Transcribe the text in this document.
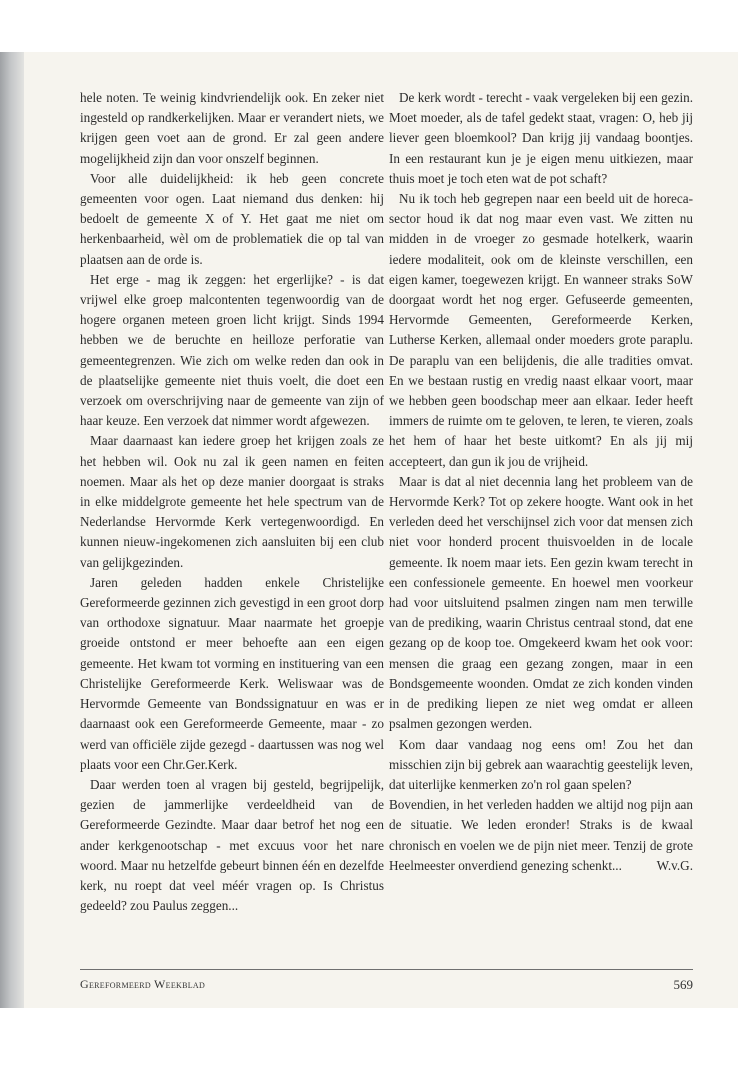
hele noten. Te weinig kindvriendelijk ook. En zeker niet ingesteld op randkerkelijken. Maar er verandert niets, we krijgen geen voet aan de grond. Er zal geen andere mogelijkheid zijn dan voor onszelf beginnen.

Voor alle duidelijkheid: ik heb geen concrete gemeenten voor ogen. Laat niemand dus denken: hij bedoelt de gemeente X of Y. Het gaat me niet om herkenbaarheid, wèl om de problematiek die op tal van plaatsen aan de orde is.

Het erge - mag ik zeggen: het ergerlijke? - is dat vrijwel elke groep malcontenten tegenwoordig van de hogere organen meteen groen licht krijgt. Sinds 1994 hebben we de beruchte en heilloze perforatie van gemeentegrenzen. Wie zich om welke reden dan ook in de plaatselijke gemeente niet thuis voelt, die doet een verzoek om overschrijving naar de gemeente van zijn of haar keuze. Een verzoek dat nimmer wordt afgewezen.

Maar daarnaast kan iedere groep het krijgen zoals ze het hebben wil. Ook nu zal ik geen namen en feiten noemen. Maar als het op deze manier doorgaat is straks in elke middelgrote gemeente het hele spectrum van de Nederlandse Hervormde Kerk vertegenwoordigd. En kunnen nieuw-ingekomenen zich aansluiten bij een club van gelijkgezinden.

Jaren geleden hadden enkele Christelijke Gereformeerde gezinnen zich gevestigd in een groot dorp van orthodoxe signatuur. Maar naarmate het groepje groeide ontstond er meer behoefte aan een eigen gemeente. Het kwam tot vorming en instituering van een Christelijke Gereformeerde Kerk. Weliswaar was de Hervormde Gemeente van Bondssignatuur en was er daarnaast ook een Gereformeerde Gemeente, maar - zo werd van officiële zijde gezegd - daartussen was nog wel plaats voor een Chr.Ger.Kerk.

Daar werden toen al vragen bij gesteld, begrijpelijk, gezien de jammerlijke verdeeldheid van de Gereformeerde Gezindte. Maar daar betrof het nog een ander kerkgenootschap - met excuus voor het nare woord. Maar nu hetzelfde gebeurt binnen één en dezelfde kerk, nu roept dat veel méér vragen op. Is Christus gedeeld? zou Paulus zeggen...

De kerk wordt - terecht - vaak vergeleken bij een gezin. Moet moeder, als de tafel gedekt staat, vragen: O, heb jij liever geen bloemkool? Dan krijg jij vandaag boontjes. In een restaurant kun je je eigen menu uitkiezen, maar thuis moet je toch eten wat de pot schaft?

Nu ik toch heb gegrepen naar een beeld uit de horeca-sector houd ik dat nog maar even vast. We zitten nu midden in de vroeger zo gesmade hotelkerk, waarin iedere modaliteit, ook om de kleinste verschillen, een eigen kamer, toegewezen krijgt. En wanneer straks SoW doorgaat wordt het nog erger. Gefuseerde gemeenten, Hervormde Gemeenten, Gereformeerde Kerken, Lutherse Kerken, allemaal onder moeders grote paraplu. De paraplu van een belijdenis, die alle tradities omvat. En we bestaan rustig en vredig naast elkaar voort, maar we hebben geen boodschap meer aan elkaar. Ieder heeft immers de ruimte om te geloven, te leren, te vieren, zoals het hem of haar het beste uitkomt? En als jij mij accepteert, dan gun ik jou de vrijheid.

Maar is dat al niet decennia lang het probleem van de Hervormde Kerk? Tot op zekere hoogte. Want ook in het verleden deed het verschijnsel zich voor dat mensen zich niet voor honderd procent thuisvoelden in de locale gemeente. Ik noem maar iets. Een gezin kwam terecht in een confessionele gemeente. En hoewel men voorkeur had voor uitsluitend psalmen zingen nam men terwille van de prediking, waarin Christus centraal stond, dat ene gezang op de koop toe. Omgekeerd kwam het ook voor: mensen die graag een gezang zongen, maar in een Bondsgemeente woonden. Omdat ze zich konden vinden in de prediking liepen ze niet weg omdat er alleen psalmen gezongen werden.

Kom daar vandaag nog eens om! Zou het dan misschien zijn bij gebrek aan waarachtig geestelijk leven, dat uiterlijke kenmerken zo'n rol gaan spelen?

Bovendien, in het verleden hadden we altijd nog pijn aan de situatie. We leden eronder! Straks is de kwaal chronisch en voelen we de pijn niet meer. Tenzij de grote Heelmeester onverdiend genezing schenkt...	W.v.G.

Gereformeerd Weekblad	569
